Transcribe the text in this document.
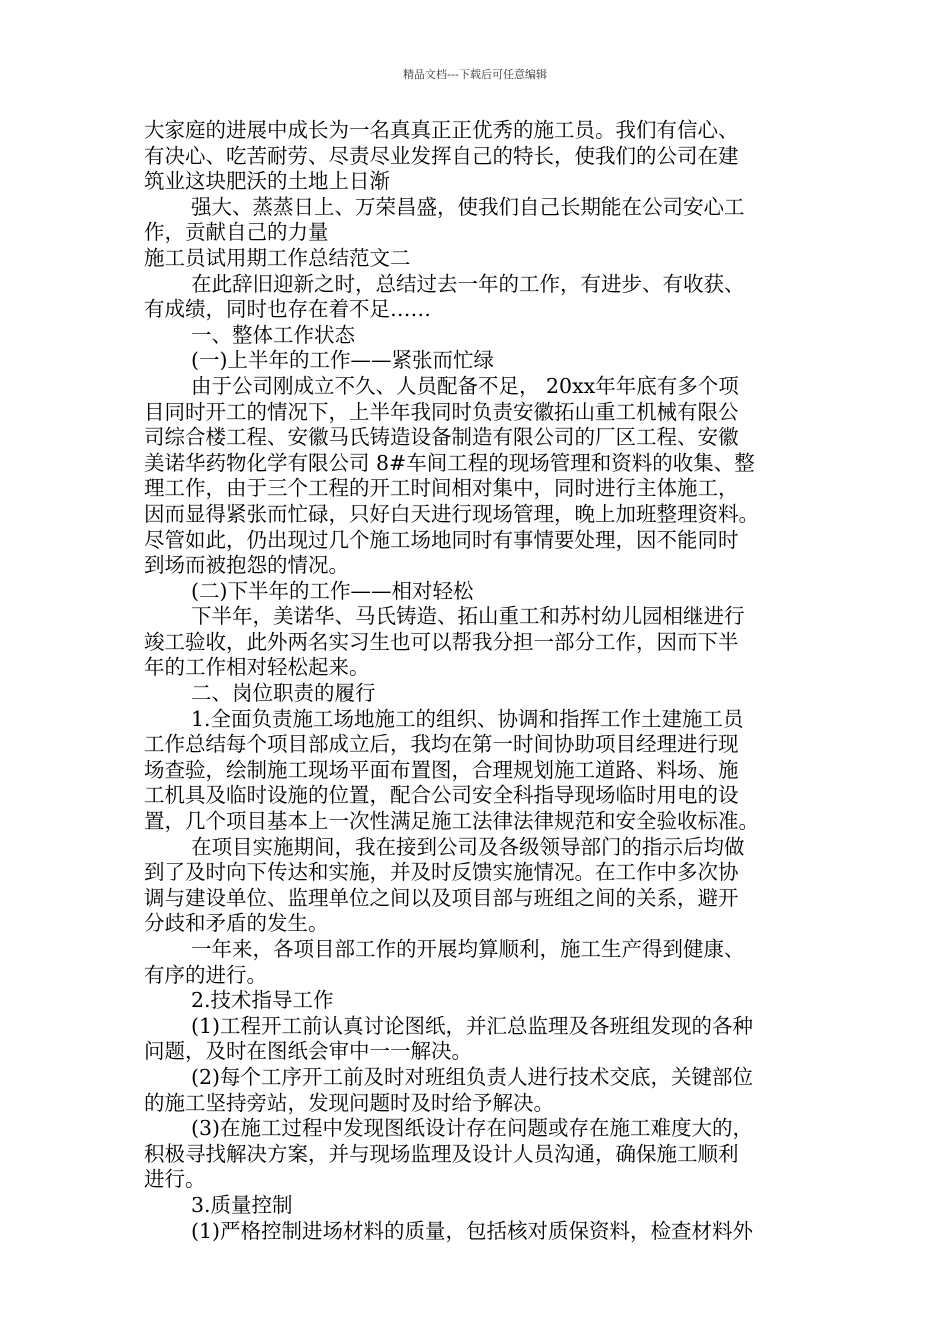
精品文档---下载后可任意编辑

大家庭的进展中成长为一名真真正正优秀的施工员。我们有信心、

有决心、吃苦耐劳、尽责尽业发挥自己的特长，使我们的公司在建

筑业这块肥沃的土地上日渐

强大、蒸蒸日上、万荣昌盛，使我们自己长期能在公司安心工

作，贡献自己的力量

施工员试用期工作总结范文二

在此辞旧迎新之时，总结过去一年的工作，有进步、有收获、

有成绩，同时也存在着不足……

一、整体工作状态

(一)上半年的工作——紧张而忙绿

由于公司刚成立不久、人员配备不足， 20xx年年底有多个项

目同时开工的情况下，上半年我同时负责安徽拓山重工机械有限公

司综合楼工程、安徽马氏铸造设备制造有限公司的厂区工程、安徽

美诺华药物化学有限公司 8#车间工程的现场管理和资料的收集、整

理工作，由于三个工程的开工时间相对集中，同时进行主体施工，

因而显得紧张而忙碌，只好白天进行现场管理，晚上加班整理资料。

尽管如此，仍出现过几个施工场地同时有事情要处理，因不能同时

到场而被抱怨的情况。

(二)下半年的工作——相对轻松

下半年，美诺华、马氏铸造、拓山重工和苏村幼儿园相继进行

竣工验收，此外两名实习生也可以帮我分担一部分工作，因而下半

年的工作相对轻松起来。

二、岗位职责的履行

1.全面负责施工场地施工的组织、协调和指挥工作土建施工员

工作总结每个项目部成立后，我均在第一时间协助项目经理进行现

场查验，绘制施工现场平面布置图，合理规划施工道路、料场、施

工机具及临时设施的位置，配合公司安全科指导现场临时用电的设

置，几个项目基本上一次性满足施工法律法律规范和安全验收标准。

在项目实施期间，我在接到公司及各级领导部门的指示后均做

到了及时向下传达和实施，并及时反馈实施情况。在工作中多次协

调与建设单位、监理单位之间以及项目部与班组之间的关系，避开

分歧和矛盾的发生。

一年来，各项目部工作的开展均算顺利，施工生产得到健康、

有序的进行。

2.技术指导工作

(1)工程开工前认真讨论图纸，并汇总监理及各班组发现的各种

问题，及时在图纸会审中一一解决。

(2)每个工序开工前及时对班组负责人进行技术交底，关键部位

的施工坚持旁站，发现问题时及时给予解决。

(3)在施工过程中发现图纸设计存在问题或存在施工难度大的，

积极寻找解决方案，并与现场监理及设计人员沟通，确保施工顺利

进行。

3.质量控制

(1)严格控制进场材料的质量，包括核对质保资料，检查材料外
